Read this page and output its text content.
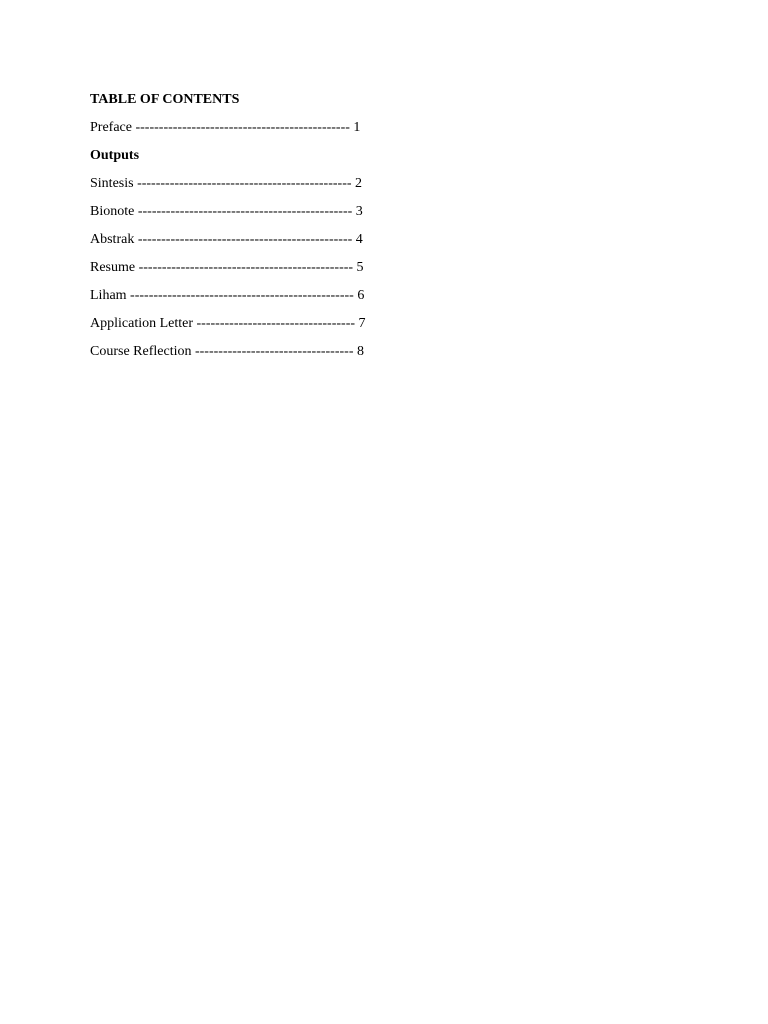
TABLE OF CONTENTS
Preface ---------------------------------------------- 1
Outputs
Sintesis ---------------------------------------------- 2
Bionote ---------------------------------------------- 3
Abstrak ---------------------------------------------- 4
Resume ---------------------------------------------- 5
Liham ------------------------------------------------ 6
Application Letter ---------------------------------- 7
Course Reflection ---------------------------------- 8
